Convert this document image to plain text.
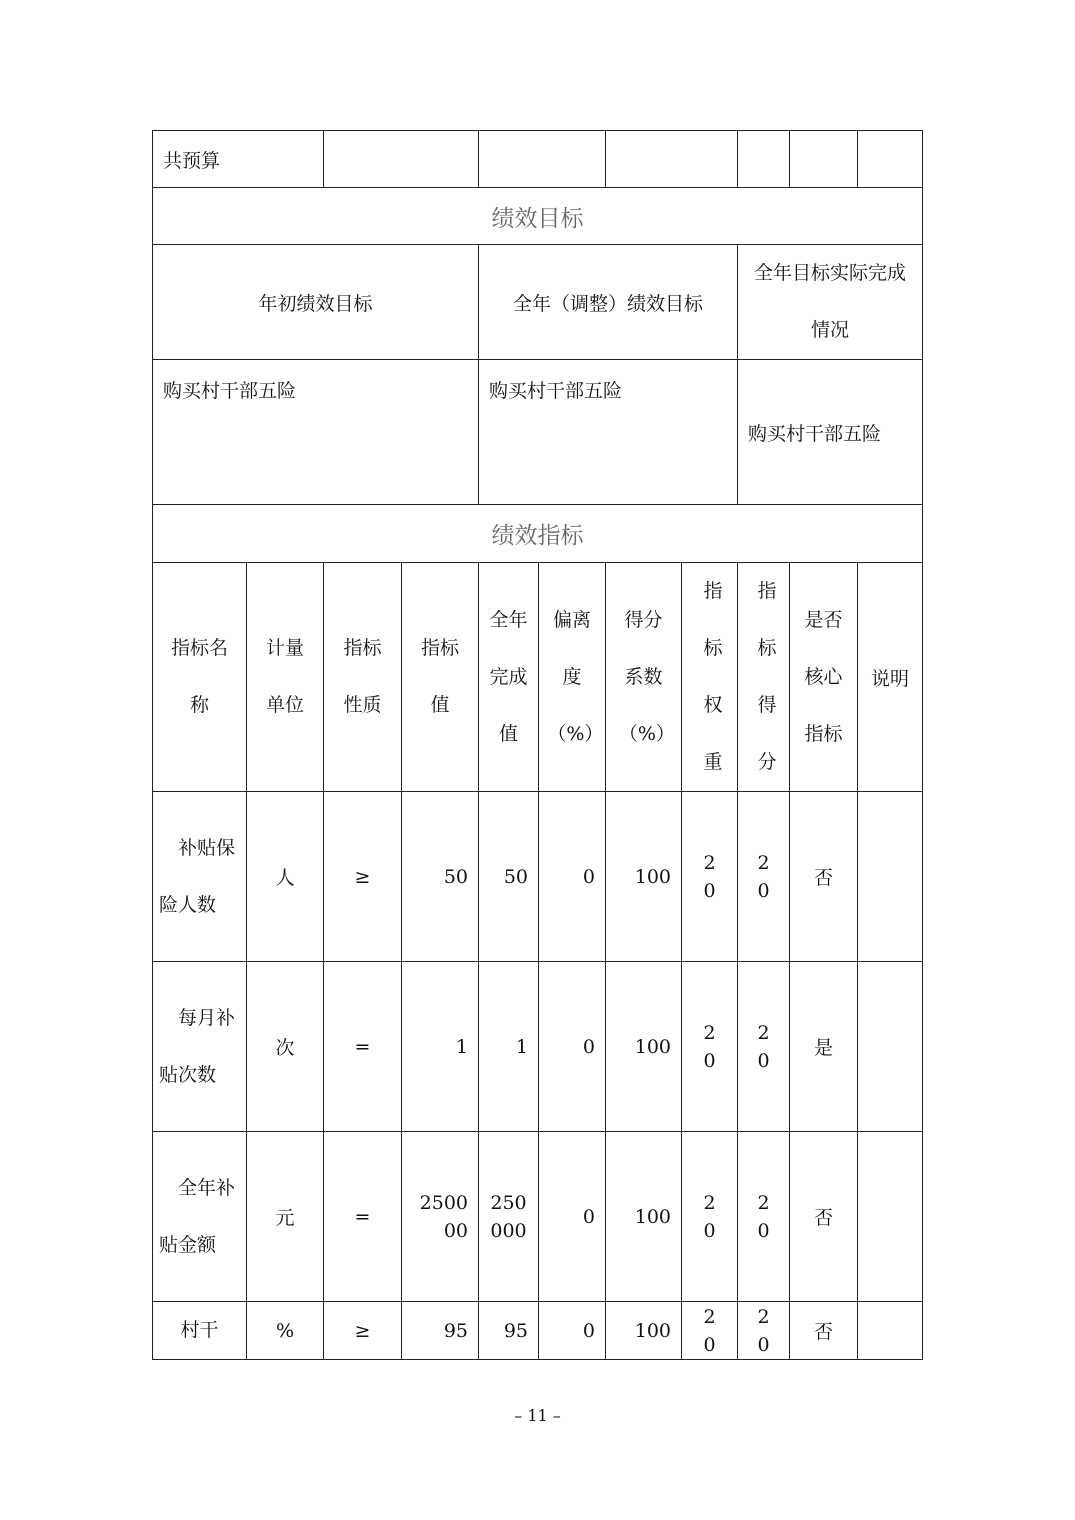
共预算										
绩效目标										
年初绩效目标				全年（调整）绩效目标				全年目标实际完成情况		
购买村干部五险				购买村干部五险				购买村干部五险		
绩效指标										
指标名称	计量单位	指标性质	指标值	全年完成值	偏离度（%）	得分系数（%）	指标权重	指标得分	是否核心指标	说明
补贴保险人数	人	≥	50	50	0	100	20	20	否	
每月补贴次数	次	=	1	1	0	100	20	20	是	
全年补贴金额	元	=	250000	250000	0	100	20	20	否	
村干	%	≥	95	95	0	100	20	20	否	
– 11 –
